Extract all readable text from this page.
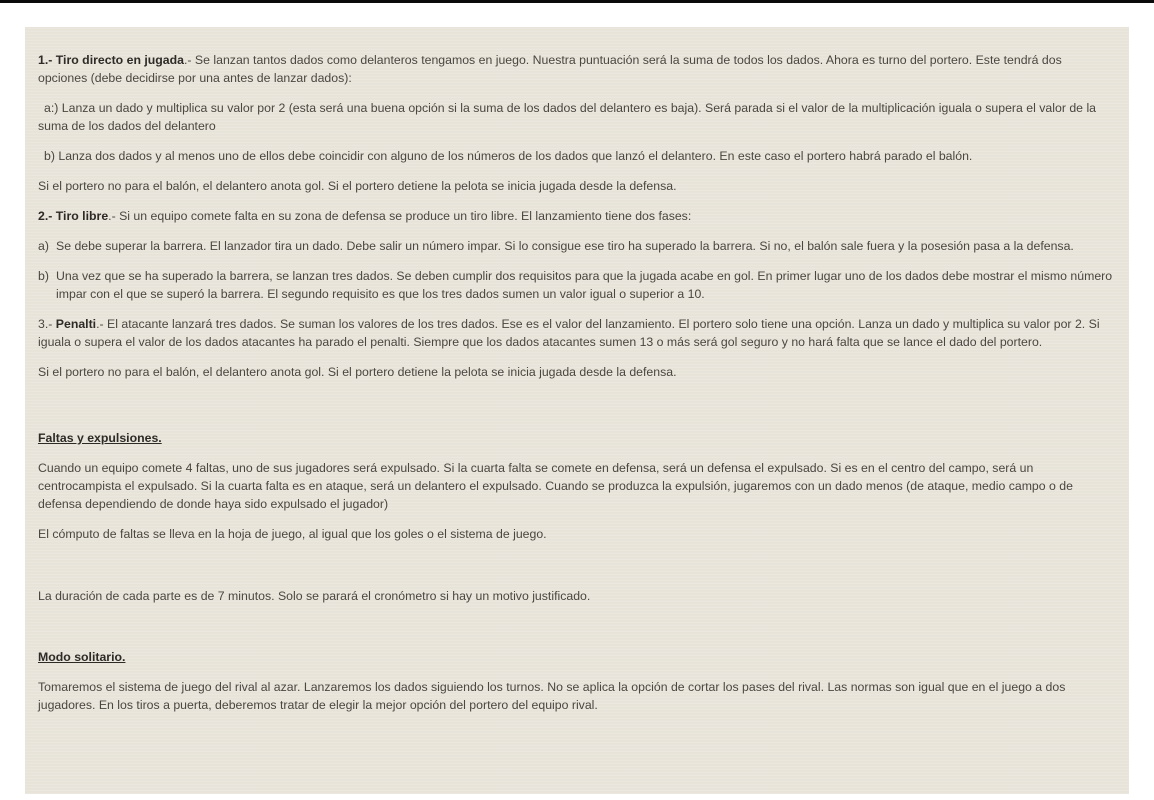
1.- Tiro directo en jugada.- Se lanzan tantos dados como delanteros tengamos en juego. Nuestra puntuación será la suma de todos los dados. Ahora es turno del portero. Este tendrá dos opciones (debe decidirse por una antes de lanzar dados):

a:) Lanza un dado y multiplica su valor por 2 (esta será una buena opción si la suma de los dados del delantero es baja). Será parada si el valor de la multiplicación iguala o supera el valor de la suma de los dados del delantero

b) Lanza dos dados y al menos uno de ellos debe coincidir con alguno de los números de los dados que lanzó el delantero. En este caso el portero habrá parado el balón.

Si el portero no para el balón, el delantero anota gol. Si el portero detiene la pelota se inicia jugada desde la defensa.

2.- Tiro libre.- Si un equipo comete falta en su zona de defensa se produce un tiro libre. El lanzamiento tiene dos fases:

a) Se debe superar la barrera. El lanzador tira un dado. Debe salir un número impar. Si lo consigue ese tiro ha superado la barrera. Si no, el balón sale fuera y la posesión pasa a la defensa.
b) Una vez que se ha superado la barrera, se lanzan tres dados. Se deben cumplir dos requisitos para que la jugada acabe en gol. En primer lugar uno de los dados debe mostrar el mismo número impar con el que se superó la barrera. El segundo requisito es que los tres dados sumen un valor igual o superior a 10.

3.- Penalti.- El atacante lanzará tres dados. Se suman los valores de los tres dados. Ese es el valor del lanzamiento. El portero solo tiene una opción. Lanza un dado y multiplica su valor por 2. Si iguala o supera el valor de los dados atacantes ha parado el penalti. Siempre que los dados atacantes sumen 13 o más será gol seguro y no hará falta que se lance el dado del portero.

Si el portero no para el balón, el delantero anota gol. Si el portero detiene la pelota se inicia jugada desde la defensa.

Faltas y expulsiones.

Cuando un equipo comete 4 faltas, uno de sus jugadores será expulsado. Si la cuarta falta se comete en defensa, será un defensa el expulsado. Si es en el centro del campo, será un centrocampista el expulsado. Si la cuarta falta es en ataque, será un delantero el expulsado. Cuando se produzca la expulsión, jugaremos con un dado menos (de ataque, medio campo o de defensa dependiendo de donde haya sido expulsado el jugador)

El cómputo de faltas se lleva en la hoja de juego, al igual que los goles o el sistema de juego.

La duración de cada parte es de 7 minutos. Solo se parará el cronómetro si hay un motivo justificado.

Modo solitario.

Tomaremos el sistema de juego del rival al azar. Lanzaremos los dados siguiendo los turnos. No se aplica la opción de cortar los pases del rival. Las normas son igual que en el juego a dos jugadores. En los tiros a puerta, deberemos tratar de elegir la mejor opción del portero del equipo rival.
